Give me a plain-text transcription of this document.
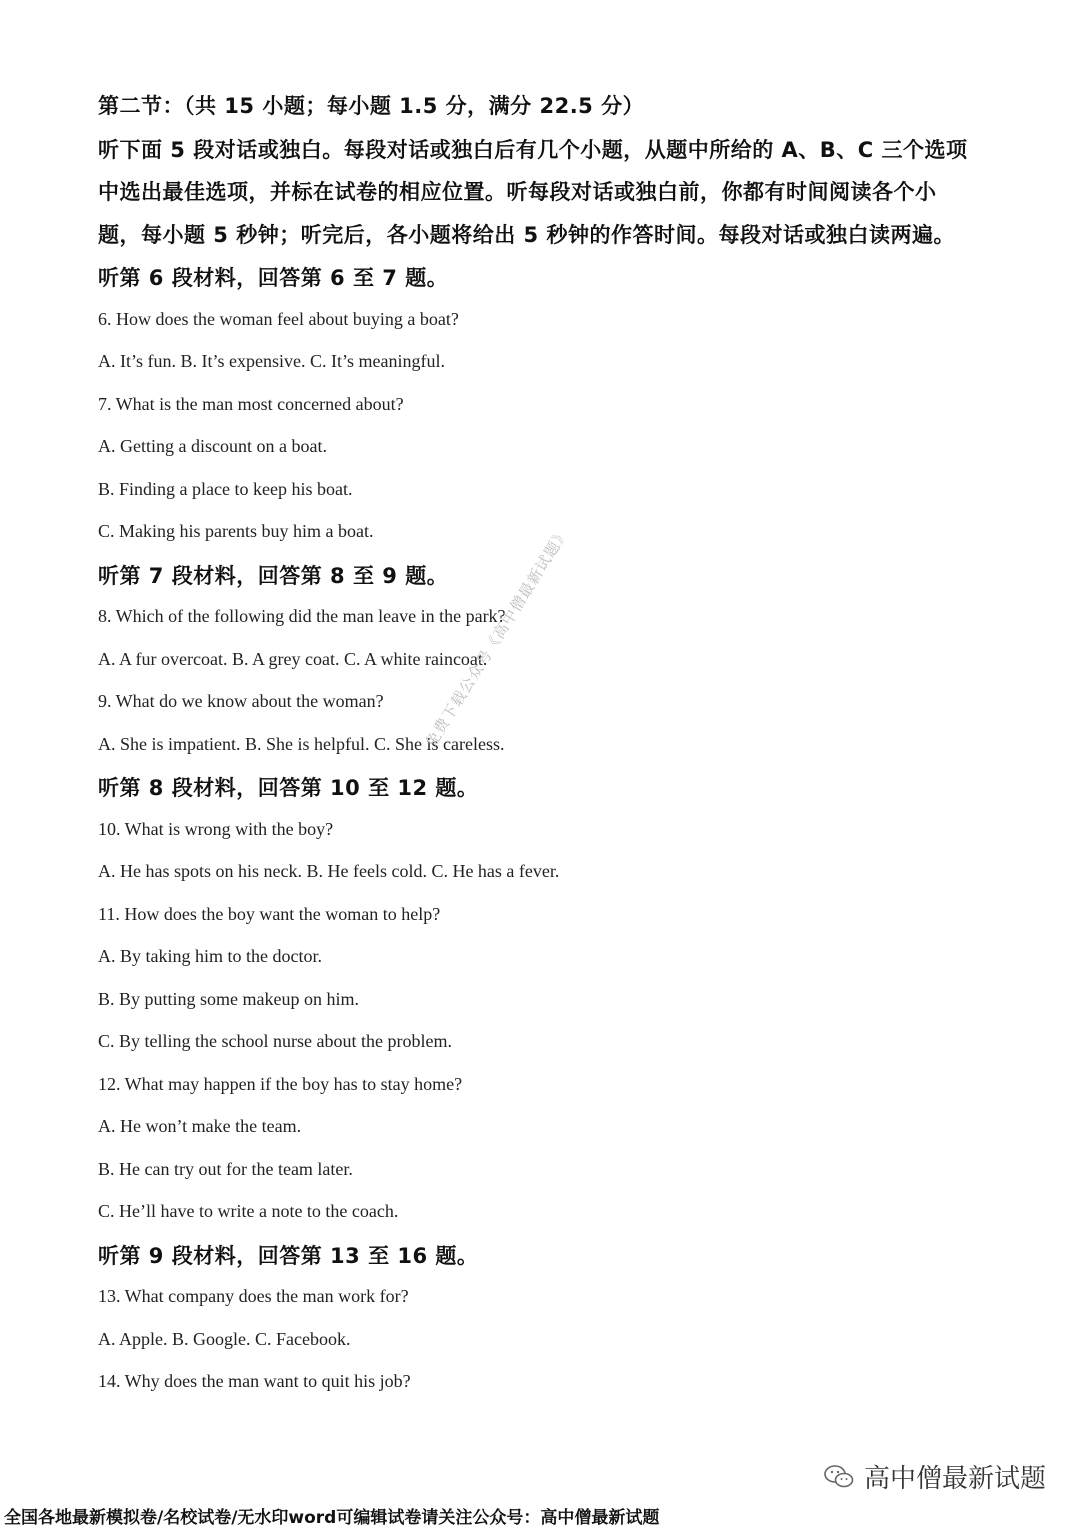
第二节：（共 15 小题；每小题 1.5 分，满分 22.5 分）
听下面 5 段对话或独白。每段对话或独白后有几个小题，从题中所给的 A、B、C 三个选项
中选出最佳选项，并标在试卷的相应位置。听每段对话或独白前，你都有时间阅读各个小
题，每小题 5 秒钟；听完后，各小题将给出 5 秒钟的作答时间。每段对话或独白读两遍。
听第 6 段材料，回答第 6 至 7 题。
6. How does the woman feel about buying a boat?
A. It’s fun. B. It’s expensive. C. It’s meaningful.
7. What is the man most concerned about?
A. Getting a discount on a boat.
B. Finding a place to keep his boat.
C. Making his parents buy him a boat.
听第 7 段材料，回答第 8 至 9 题。
8. Which of the following did the man leave in the park?
A. A fur overcoat. B. A grey coat. C. A white raincoat.
9. What do we know about the woman?
A. She is impatient. B. She is helpful. C. She is careless.
听第 8 段材料，回答第 10 至 12 题。
10. What is wrong with the boy?
A. He has spots on his neck. B. He feels cold. C. He has a fever.
11. How does the boy want the woman to help?
A. By taking him to the doctor.
B. By putting some makeup on him.
C. By telling the school nurse about the problem.
12. What may happen if the boy has to stay home?
A. He won’t make the team.
B. He can try out for the team later.
C. He’ll have to write a note to the coach.
听第 9 段材料，回答第 13 至 16 题。
13. What company does the man work for?
A. Apple. B. Google. C. Facebook.
14. Why does the man want to quit his job?
免费下载公众号《高中僧最新试题》
高中僧最新试题
全国各地最新模拟卷/名校试卷/无水印word可编辑试卷请关注公众号：高中僧最新试题
